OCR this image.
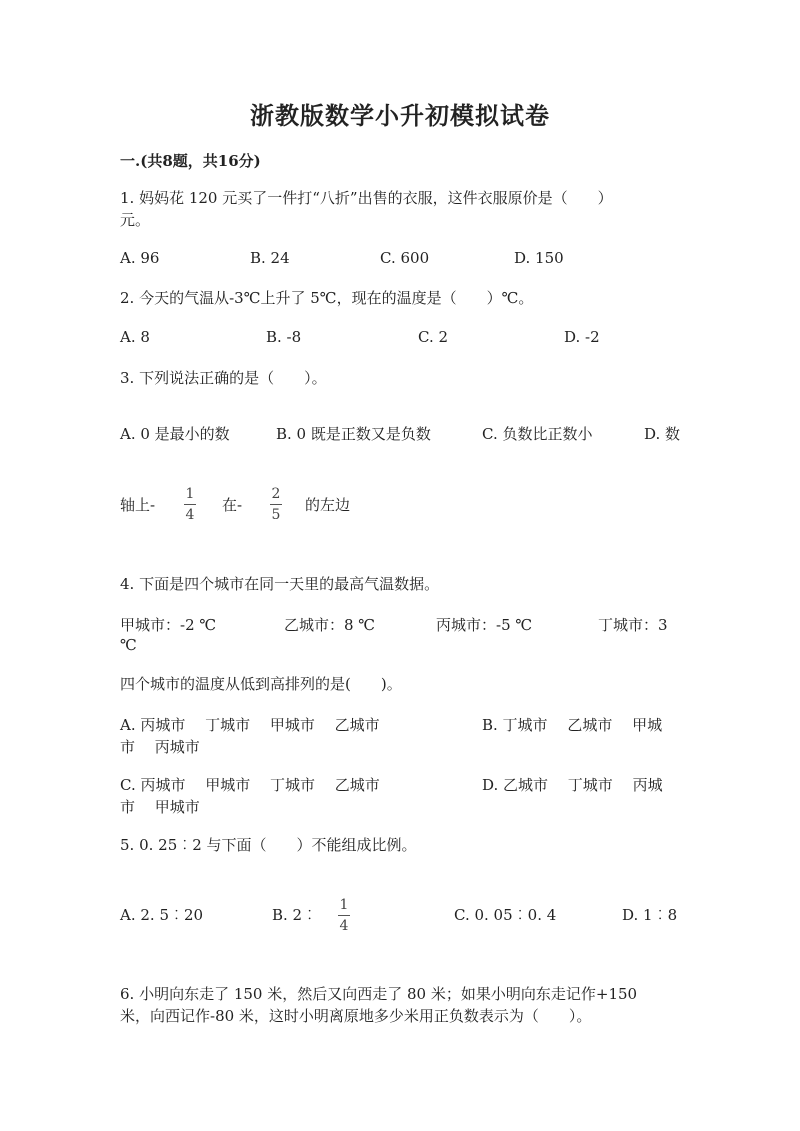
浙教版数学小升初模拟试卷
一.(共8题，共16分)
1. 妈妈花 120 元买了一件打“八折”出售的衣服，这件衣服原价是（　　）
元。
A. 96	B. 24	C. 600	D. 150
2. 今天的气温从-3℃上升了 5℃，现在的温度是（　　）℃。
A. 8	B. -8	C. 2	D. -2
3. 下列说法正确的是（　　）。
A. 0 是最小的数	B. 0 既是正数又是负数	C. 负数比正数小	D. 数
轴上-
1
4
在-
2
5
的左边
4. 下面是四个城市在同一天里的最高气温数据。
甲城市：-2 ℃	乙城市：8 ℃	丙城市：-5 ℃	丁城市：3
℃
四个城市的温度从低到高排列的是(　　)。
A. 丙城市　 丁城市　 甲城市　 乙城市	B. 丁城市　 乙城市　 甲城
市　 丙城市
C. 丙城市　 甲城市　 丁城市　 乙城市	D. 乙城市　 丁城市　 丙城
市　 甲城市
5. 0. 25︰2 与下面（　　）不能组成比例。
A. 2. 5︰20	B. 2︰
1
4
C. 0. 05︰0. 4	D. 1︰8
6. 小明向东走了 150 米，然后又向西走了 80 米；如果小明向东走记作+150
米，向西记作-80 米，这时小明离原地多少米用正负数表示为（　　）。
